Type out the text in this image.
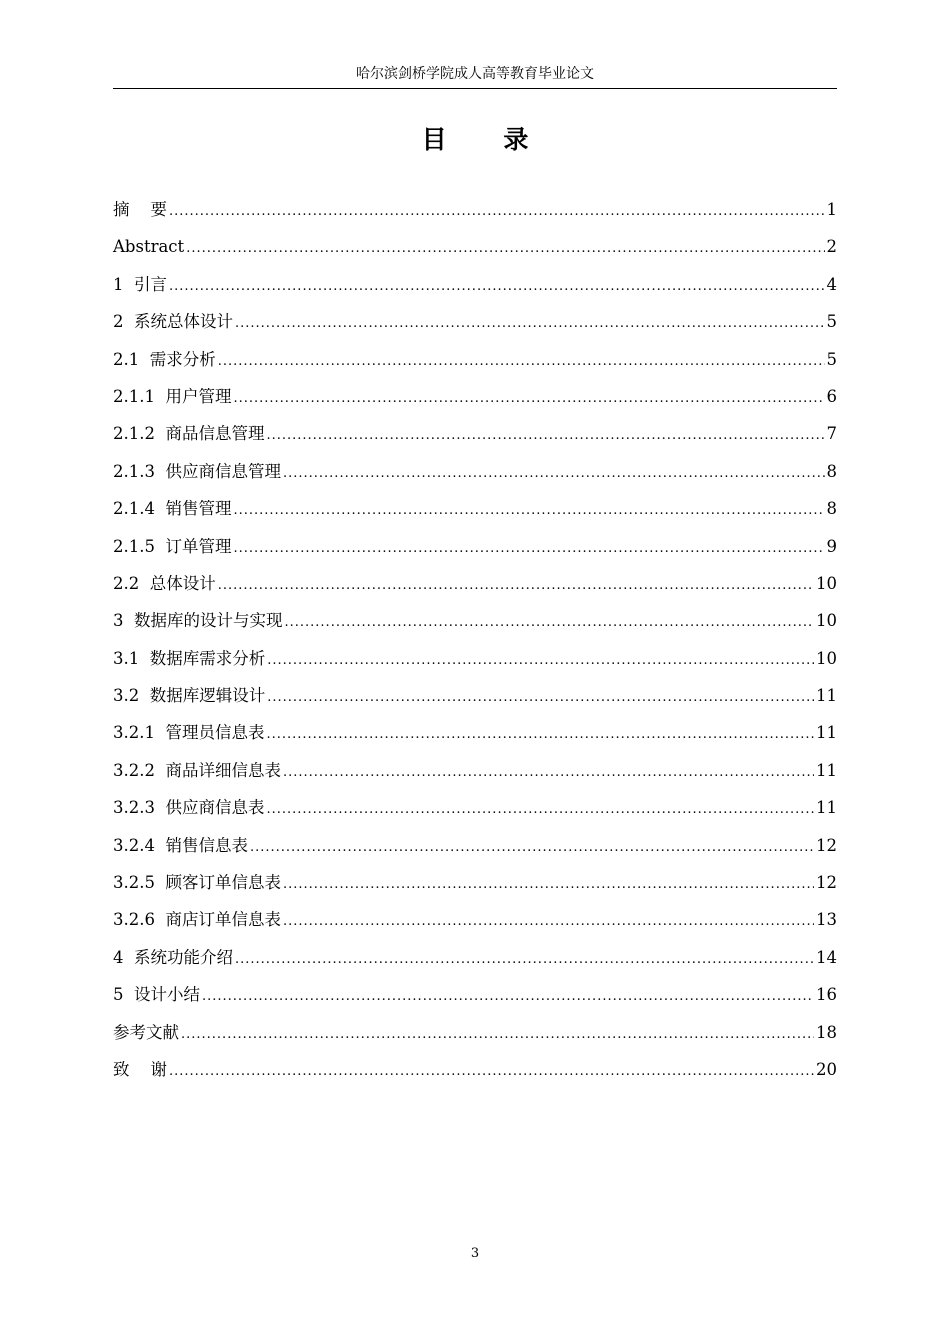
哈尔滨剑桥学院成人高等教育毕业论文
目 录
摘    要 .....	1
Abstract .....	2
1  引言 .....	4
2  系统总体设计 .....	5
2.1  需求分析 .....	5
2.1.1  用户管理 .....	6
2.1.2  商品信息管理 .....	7
2.1.3  供应商信息管理 .....	8
2.1.4  销售管理 .....	8
2.1.5  订单管理 .....	9
2.2  总体设计 .....	10
3  数据库的设计与实现 .....	10
3.1  数据库需求分析 .....	10
3.2  数据库逻辑设计 .....	11
3.2.1  管理员信息表 .....	11
3.2.2  商品详细信息表 .....	11
3.2.3  供应商信息表 .....	11
3.2.4  销售信息表 .....	12
3.2.5  顾客订单信息表 .....	12
3.2.6  商店订单信息表 .....	13
4  系统功能介绍 .....	14
5  设计小结 .....	16
参考文献 .....	18
致    谢 .....	20
3
